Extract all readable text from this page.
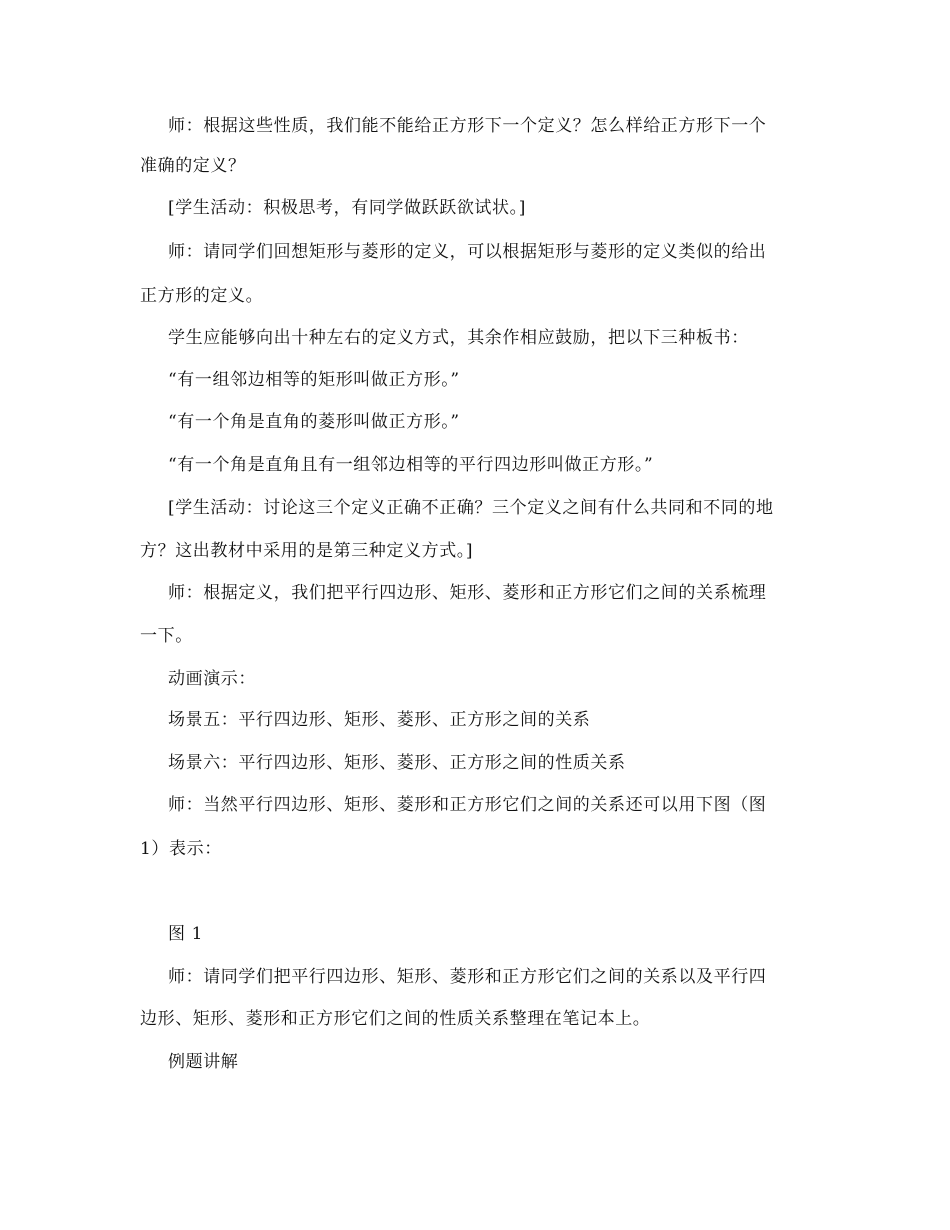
师：根据这些性质，我们能不能给正方形下一个定义？怎么样给正方形下一个
准确的定义？
[学生活动：积极思考，有同学做跃跃欲试状。]
师：请同学们回想矩形与菱形的定义，可以根据矩形与菱形的定义类似的给出
正方形的定义。
学生应能够向出十种左右的定义方式，其余作相应鼓励，把以下三种板书：
“有一组邻边相等的矩形叫做正方形。”
“有一个角是直角的菱形叫做正方形。”
“有一个角是直角且有一组邻边相等的平行四边形叫做正方形。”
[学生活动：讨论这三个定义正确不正确？三个定义之间有什么共同和不同的地
方？这出教材中采用的是第三种定义方式。]
师：根据定义，我们把平行四边形、矩形、菱形和正方形它们之间的关系梳理
一下。
动画演示：
场景五：平行四边形、矩形、菱形、正方形之间的关系
场景六：平行四边形、矩形、菱形、正方形之间的性质关系
师：当然平行四边形、矩形、菱形和正方形它们之间的关系还可以用下图（图
1）表示：
图 1
师：请同学们把平行四边形、矩形、菱形和正方形它们之间的关系以及平行四
边形、矩形、菱形和正方形它们之间的性质关系整理在笔记本上。
例题讲解
